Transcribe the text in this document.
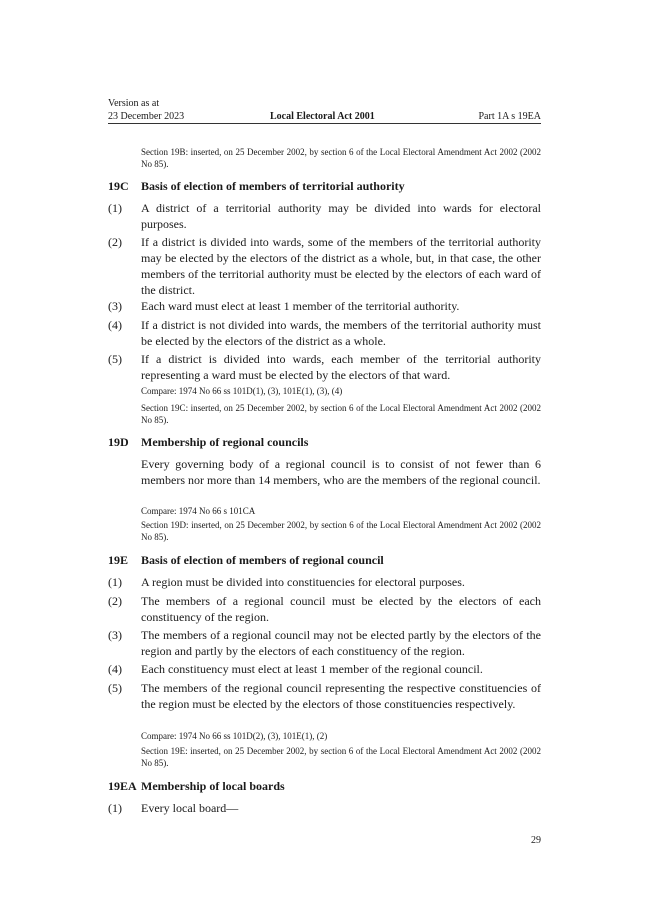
Version as at
23 December 2023	Local Electoral Act 2001	Part 1A s 19EA
Section 19B: inserted, on 25 December 2002, by section 6 of the Local Electoral Amendment Act 2002 (2002 No 85).
19C Basis of election of members of territorial authority
(1) A district of a territorial authority may be divided into wards for electoral purposes.
(2) If a district is divided into wards, some of the members of the territorial authority may be elected by the electors of the district as a whole, but, in that case, the other members of the territorial authority must be elected by the electors of each ward of the district.
(3) Each ward must elect at least 1 member of the territorial authority.
(4) If a district is not divided into wards, the members of the territorial authority must be elected by the electors of the district as a whole.
(5) If a district is divided into wards, each member of the territorial authority representing a ward must be elected by the electors of that ward.
Compare: 1974 No 66 ss 101D(1), (3), 101E(1), (3), (4)
Section 19C: inserted, on 25 December 2002, by section 6 of the Local Electoral Amendment Act 2002 (2002 No 85).
19D Membership of regional councils
Every governing body of a regional council is to consist of not fewer than 6 members nor more than 14 members, who are the members of the regional council.
Compare: 1974 No 66 s 101CA
Section 19D: inserted, on 25 December 2002, by section 6 of the Local Electoral Amendment Act 2002 (2002 No 85).
19E Basis of election of members of regional council
(1) A region must be divided into constituencies for electoral purposes.
(2) The members of a regional council must be elected by the electors of each constituency of the region.
(3) The members of a regional council may not be elected partly by the electors of the region and partly by the electors of each constituency of the region.
(4) Each constituency must elect at least 1 member of the regional council.
(5) The members of the regional council representing the respective constituencies of the region must be elected by the electors of those constituencies respectively.
Compare: 1974 No 66 ss 101D(2), (3), 101E(1), (2)
Section 19E: inserted, on 25 December 2002, by section 6 of the Local Electoral Amendment Act 2002 (2002 No 85).
19EA Membership of local boards
(1) Every local board—
29
